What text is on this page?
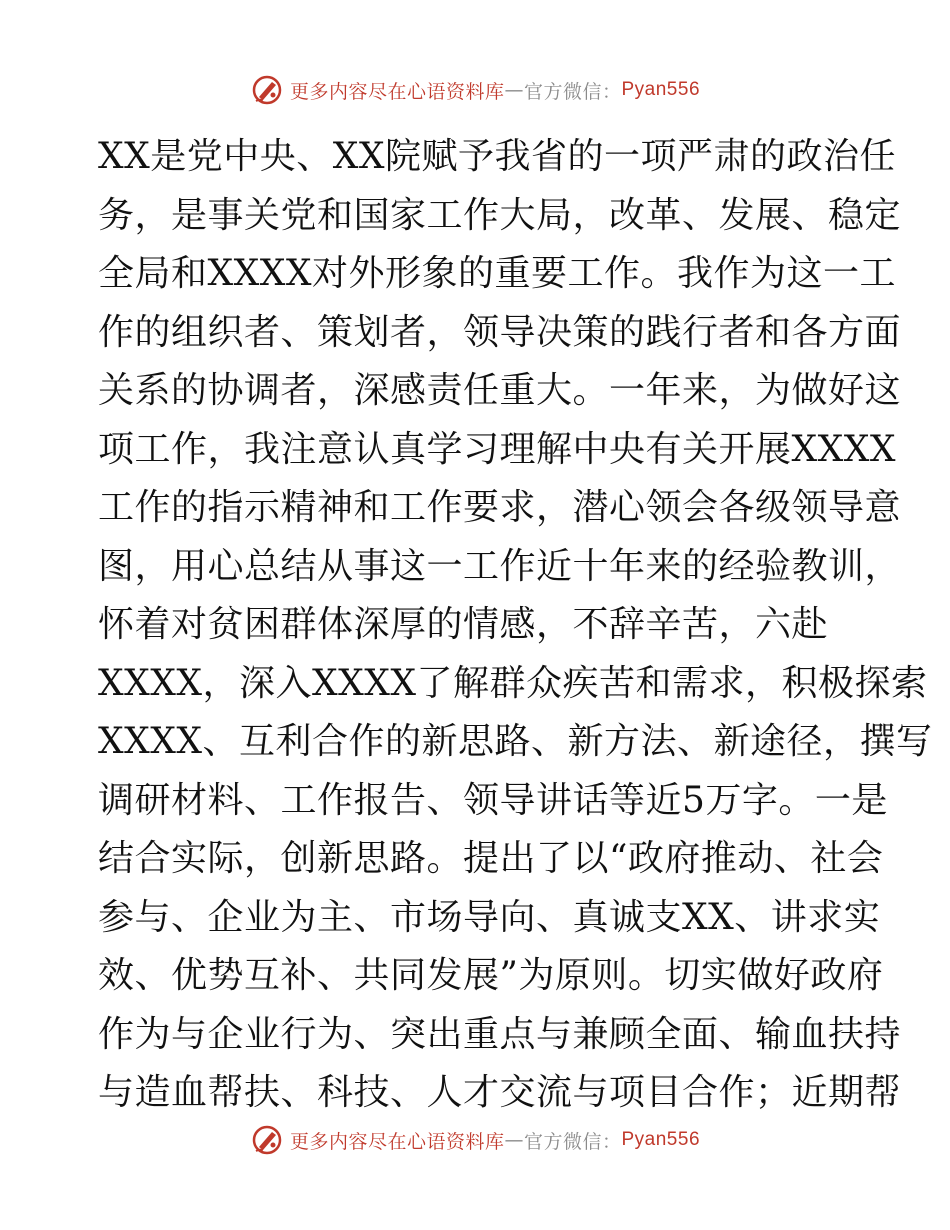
更多内容尽在心语资料库 — 官方微信： Pyan556
XX是党中央、XX院赋予我省的一项严肃的政治任
务，是事关党和国家工作大局，改革、发展、稳定
全局和XXXX对外形象的重要工作。我作为这一工
作的组织者、策划者，领导决策的践行者和各方面
关系的协调者，深感责任重大。一年来，为做好这
项工作，我注意认真学习理解中央有关开展XXXX
工作的指示精神和工作要求，潜心领会各级领导意
图，用心总结从事这一工作近十年来的经验教训，
怀着对贫困群体深厚的情感，不辞辛苦，六赴
XXXX，深入XXXX了解群众疾苦和需求，积极探索
XXXX、互利合作的新思路、新方法、新途径，撰写
调研材料、工作报告、领导讲话等近5万字。一是
结合实际，创新思路。提出了以“政府推动、社会
参与、企业为主、市场导向、真诚支XX、讲求实
效、优势互补、共同发展”为原则。切实做好政府
作为与企业行为、突出重点与兼顾全面、输血扶持
与造血帮扶、科技、人才交流与项目合作；近期帮
更多内容尽在心语资料库 — 官方微信： Pyan556
